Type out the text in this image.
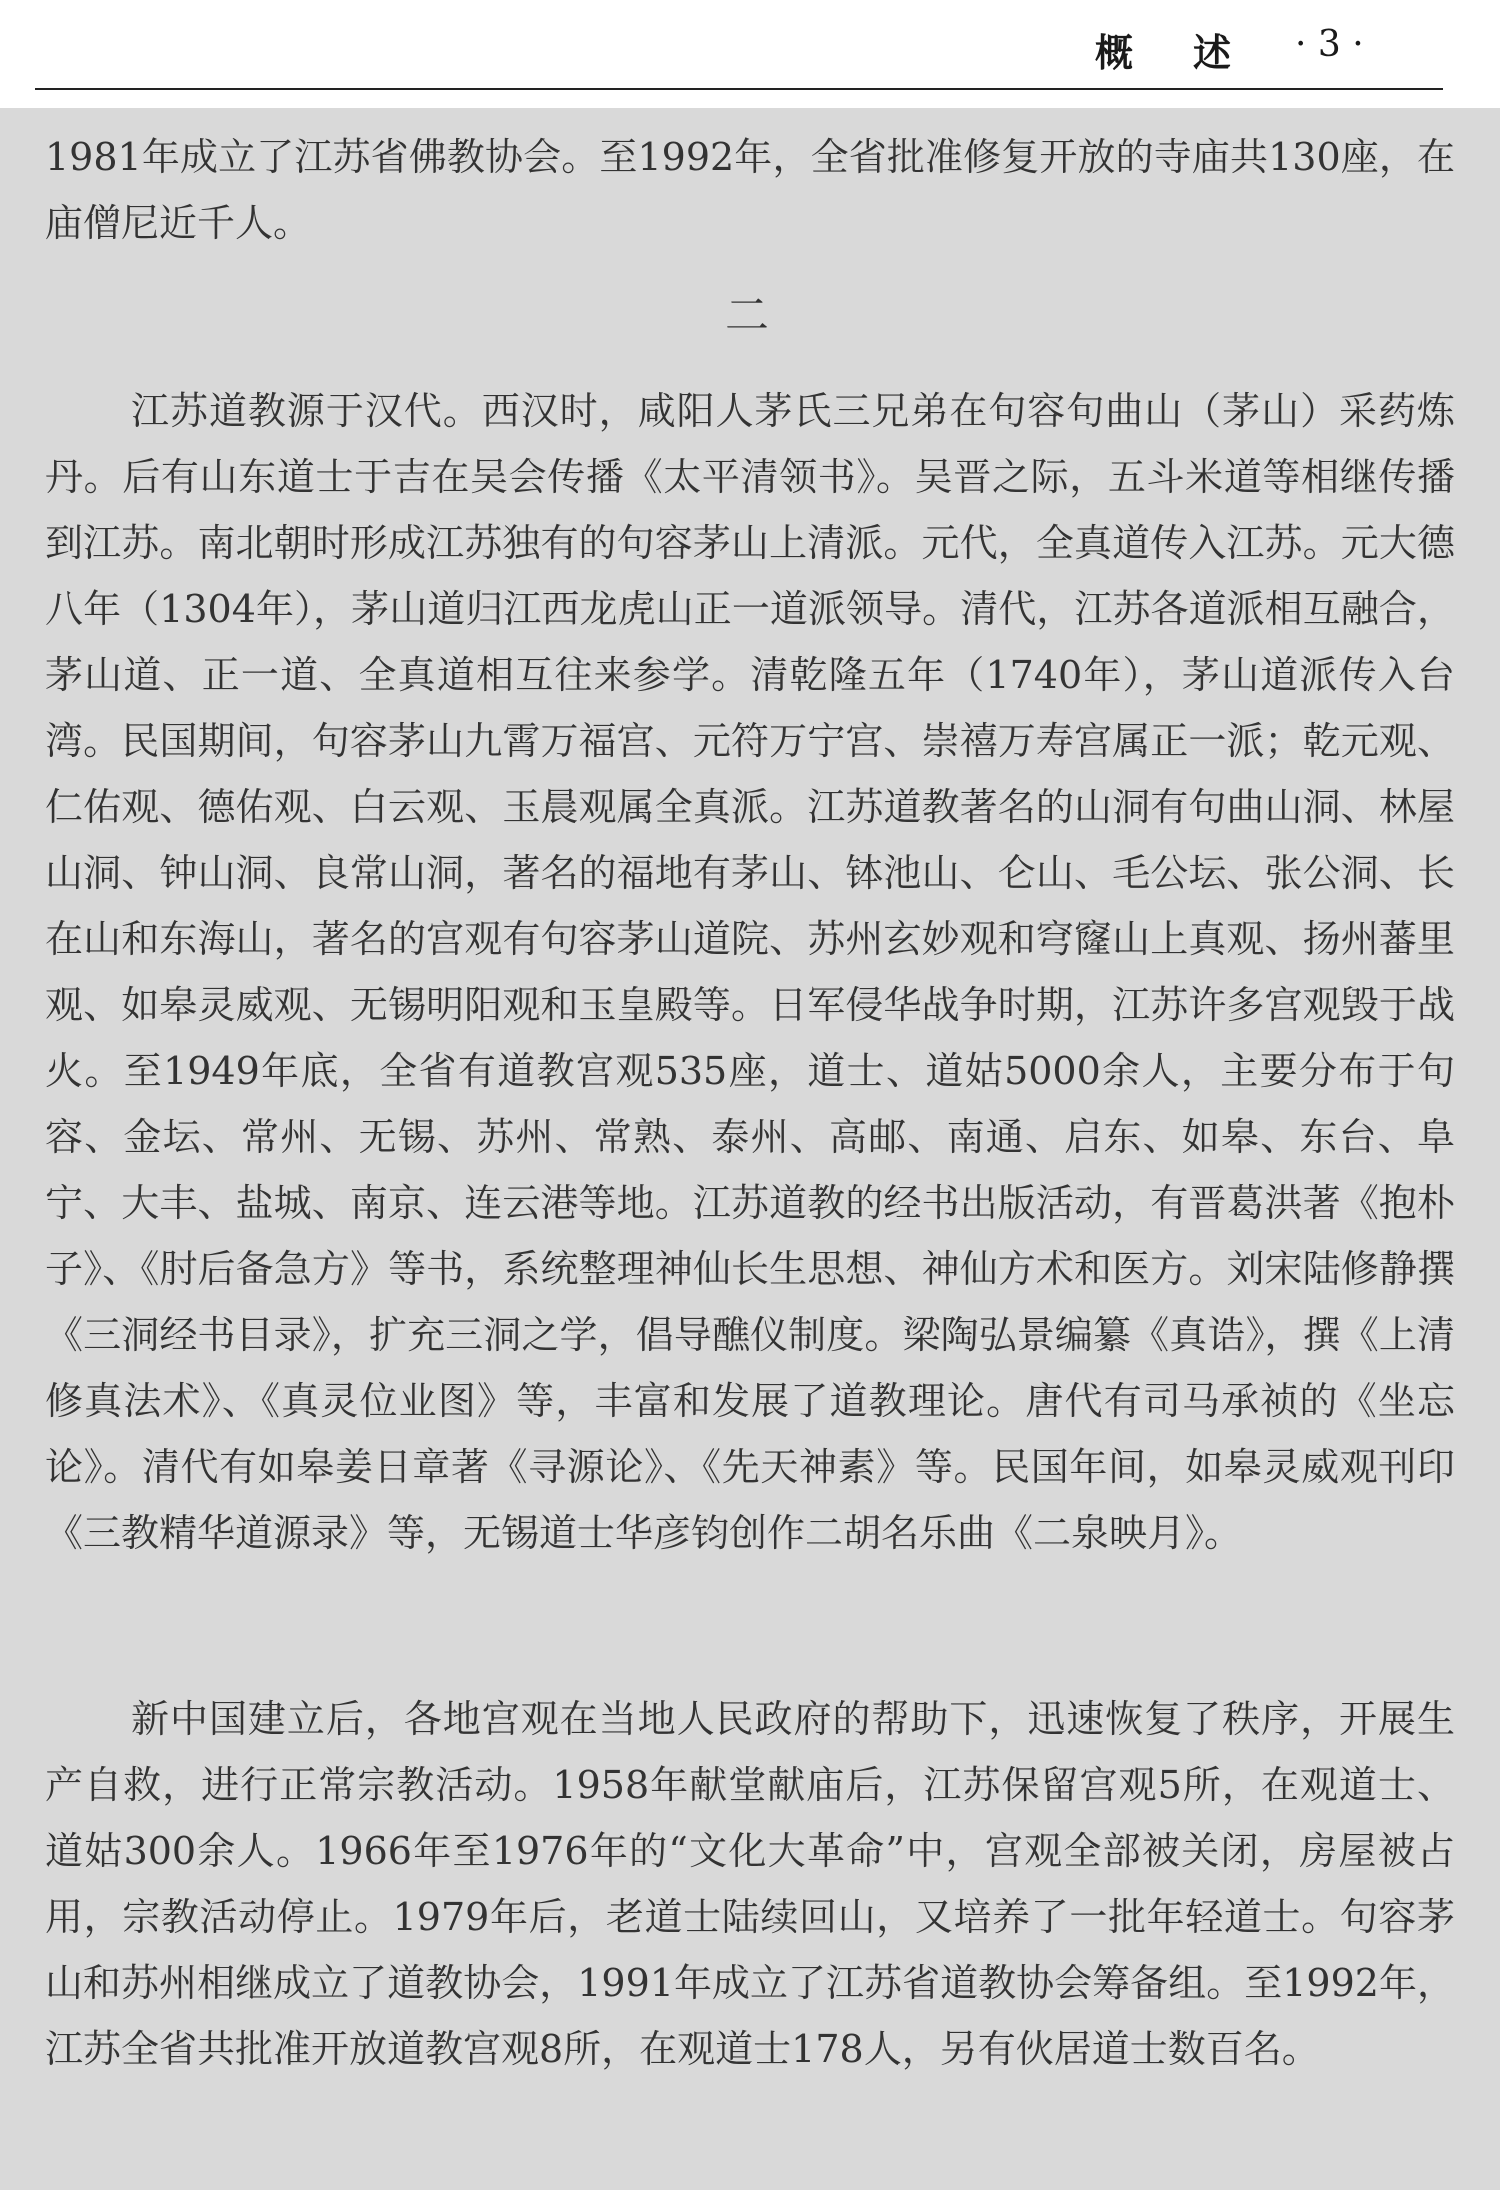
概述 · 3 ·
1981年成立了江苏省佛教协会。至1992年，全省批准修复开放的寺庙共130座，在庙僧尼近千人。
二
江苏道教源于汉代。西汉时，咸阳人茅氏三兄弟在句容句曲山（茅山）采药炼丹。后有山东道士于吉在吴会传播《太平清领书》。吴晋之际，五斗米道等相继传播到江苏。南北朝时形成江苏独有的句容茅山上清派。元代，全真道传入江苏。元大德八年（1304年），茅山道归江西龙虎山正一道派领导。清代，江苏各道派相互融合，茅山道、正一道、全真道相互往来参学。清乾隆五年（1740年），茅山道派传入台湾。民国期间，句容茅山九霄万福宫、元符万宁宫、崇禧万寿宫属正一派；乾元观、仁佑观、德佑观、白云观、玉晨观属全真派。江苏道教著名的山洞有句曲山洞、林屋山洞、钟山洞、良常山洞，著名的福地有茅山、钵池山、仑山、毛公坛、张公洞、长在山和东海山，著名的宫观有句容茅山道院、苏州玄妙观和穹窿山上真观、扬州蕃里观、如皋灵威观、无锡明阳观和玉皇殿等。日军侵华战争时期，江苏许多宫观毁于战火。至1949年底，全省有道教宫观535座，道士、道姑5000余人，主要分布于句容、金坛、常州、无锡、苏州、常熟、泰州、高邮、南通、启东、如皋、东台、阜宁、大丰、盐城、南京、连云港等地。江苏道教的经书出版活动，有晋葛洪著《抱朴子》、《肘后备急方》等书，系统整理神仙长生思想、神仙方术和医方。刘宋陆修静撰《三洞经书目录》，扩充三洞之学，倡导醮仪制度。梁陶弘景编纂《真诰》，撰《上清修真法术》、《真灵位业图》等，丰富和发展了道教理论。唐代有司马承祯的《坐忘论》。清代有如皋姜日章著《寻源论》、《先天神素》等。民国年间，如皋灵威观刊印《三教精华道源录》等，无锡道士华彦钧创作二胡名乐曲《二泉映月》。
新中国建立后，各地宫观在当地人民政府的帮助下，迅速恢复了秩序，开展生产自救，进行正常宗教活动。1958年献堂献庙后，江苏保留宫观5所，在观道士、道姑300余人。1966年至1976年的“文化大革命”中，宫观全部被关闭，房屋被占用，宗教活动停止。1979年后，老道士陆续回山，又培养了一批年轻道士。句容茅山和苏州相继成立了道教协会，1991年成立了江苏省道教协会筹备组。至1992年，江苏全省共批准开放道教宫观8所，在观道士178人，另有伙居道士数百名。
